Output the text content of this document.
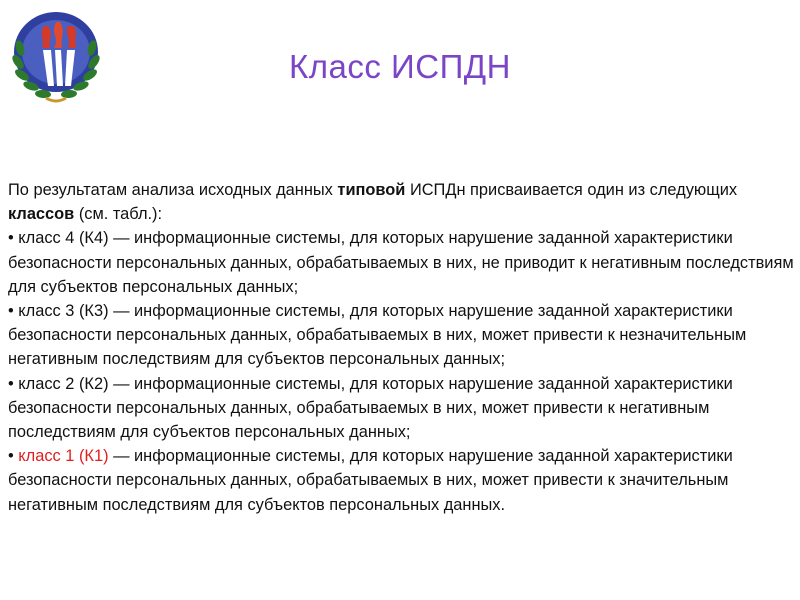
Класс ИСПДН

По результатам анализа исходных данных типовой ИСПДн присваивается один из следующих классов (см. табл.):

• класс 4 (К4) — информационные системы, для которых нарушение заданной характеристики безопасности персональных данных, обрабатываемых в них, не приводит к негативным последствиям для субъектов персональных данных;

• класс 3 (К3) — информационные системы, для которых нарушение заданной характеристики безопасности персональных данных, обрабатываемых в них, может привести к незначительным негативным последствиям для субъектов персональных данных;

• класс 2 (К2) — информационные системы, для которых нарушение заданной характеристики безопасности персональных данных, обрабатываемых в них, может привести к негативным последствиям для субъектов персональных данных;

• класс 1 (К1) — информационные системы, для которых нарушение заданной характеристики безопасности персональных данных, обрабатываемых в них, может привести к значительным негативным последствиям для субъектов персональных данных.
